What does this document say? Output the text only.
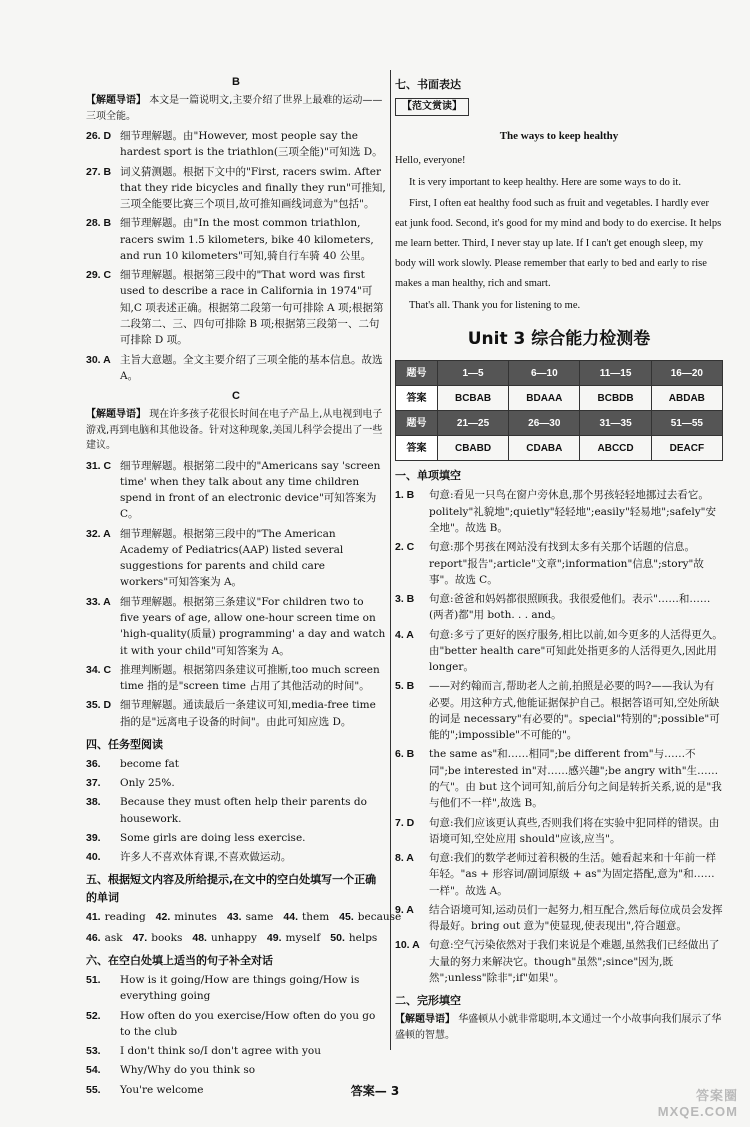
B
【解题导语】 本文是一篇说明文,主要介绍了世界上最难的运动——三项全能。
26. D 细节理解题。由"However, most people say the hardest sport is the triathlon(三项全能)"可知选 D。
27. B 词义猜测题。根据下文中的"First, racers swim. After that they ride bicycles and finally they run"可推知,三项全能要比赛三个项目,故可推知画线词意为"包括"。
28. B 细节理解题。由"In the most common triathlon, racers swim 1.5 kilometers, bike 40 kilometers, and run 10 kilometers"可知,骑自行车骑 40 公里。
29. C 细节理解题。根据第三段中的"That word was first used to describe a race in California in 1974"可知,C 项表述正确。根据第二段第一句可排除 A 项;根据第二段第二、三、四句可排除 B 项;根据第三段第一、二句可排除 D 项。
30. A 主旨大意题。全文主要介绍了三项全能的基本信息。故选 A。
C
【解题导语】 现在许多孩子花很长时间在电子产品上,从电视到电子游戏,再到电脑和其他设备。针对这种现象,美国儿科学会提出了一些建议。
31. C 细节理解题。根据第二段中的"Americans say 'screen time' when they talk about any time children spend in front of an electronic device"可知答案为 C。
32. A 细节理解题。根据第三段中的"The American Academy of Pediatrics(AAP) listed several suggestions for parents and child care workers"可知答案为 A。
33. A 细节理解题。根据第三条建议"For children two to five years of age, allow one-hour screen time on 'high-quality(质量) programming' a day and watch it with your child"可知答案为 A。
34. C 推理判断题。根据第四条建议可推断,too much screen time 指的是"screen time 占用了其他活动的时间"。
35. D 细节理解题。通读最后一条建议可知,media-free time 指的是"远离电子设备的时间"。由此可知应选 D。
四、任务型阅读
36.	become fat
37.	Only 25%.
38.	Because they must often help their parents do housework.
39.	Some girls are doing less exercise.
40.	许多人不喜欢体育课,不喜欢做运动。
五、根据短文内容及所给提示,在文中的空白处填写一个正确的单词
41. reading 42. minutes 43. same 44. them 45. because
46. ask 47. books 48. unhappy 49. myself 50. helps
六、在空白处填上适当的句子补全对话
51.	How is it going/How are things going/How is everything going
52.	How often do you exercise/How often do you go to the club
53.	I don't think so/I don't agree with you
54.	Why/Why do you think so
55.	You're welcome
七、书面表达
【范文赏读】
The ways to keep healthy

Hello, everyone!

It is very important to keep healthy. Here are some ways to do it.

First, I often eat healthy food such as fruit and vegetables. I hardly ever eat junk food. Second, it's good for my mind and body to do exercise. It helps me learn better. Third, I never stay up late. If I can't get enough sleep, my body will work slowly. Please remember that early to bed and early to rise makes a man healthy, rich and smart.

That's all. Thank you for listening to me.

Unit 3 综合能力检测卷
题号	1—5	6—10	11—15	16—20
答案	BCBAB	BDAAA	BCBDB	ABDAB
题号	21—25	26—30	31—35	51—55
答案	CBABD	CDABA	ABCCD	DEACF
一、单项填空
1. B	句意:看见一只鸟在窗户旁休息,那个男孩轻轻地挪过去看它。politely"礼貌地";quietly"轻轻地";easily"轻易地";safely"安全地"。故选 B。
2. C	句意:那个男孩在网站没有找到太多有关那个话题的信息。report"报告";article"文章";information"信息";story"故事"。故选 C。
3. B	句意:爸爸和妈妈都很照顾我。我很爱他们。表示"……和……(两者)都"用 both. . . and。
4. A	句意:多亏了更好的医疗服务,相比以前,如今更多的人活得更久。由"better health care"可知此处指更多的人活得更久,因此用 longer。
5. B	——对约翰而言,帮助老人之前,拍照是必要的吗?——我认为有必要。用这种方式,他能证据保护自己。根据答语可知,空处所缺的词是 necessary"有必要的"。special"特别的";possible"可能的";impossible"不可能的"。
6. B	the same as"和……相同";be different from"与……不同";be interested in"对……感兴趣";be angry with"生……的气"。由 but 这个词可知,前后分句之间是转折关系,说的是"我与他们不一样",故选 B。
7. D	句意:我们应该更认真些,否则我们将在实验中犯同样的错误。由语境可知,空处应用 should"应该,应当"。
8. A	句意:我们的数学老师过着积极的生活。她看起来和十年前一样年轻。"as + 形容词/副词原级 + as"为固定搭配,意为"和……一样"。故选 A。
9. A	结合语境可知,运动员们一起努力,相互配合,然后每位成员会发挥得最好。bring out 意为"使显现,使表现出",符合题意。
10. A 句意:空气污染依然对于我们来说是个难题,虽然我们已经做出了大量的努力来解决它。though"虽然";since"因为,既然";unless"除非";if"如果"。
二、完形填空
【解题导语】 华盛顿从小就非常聪明,本文通过一个小故事向我们展示了华盛顿的智慧。
答案— 3	答案圈
MXQE.COM
